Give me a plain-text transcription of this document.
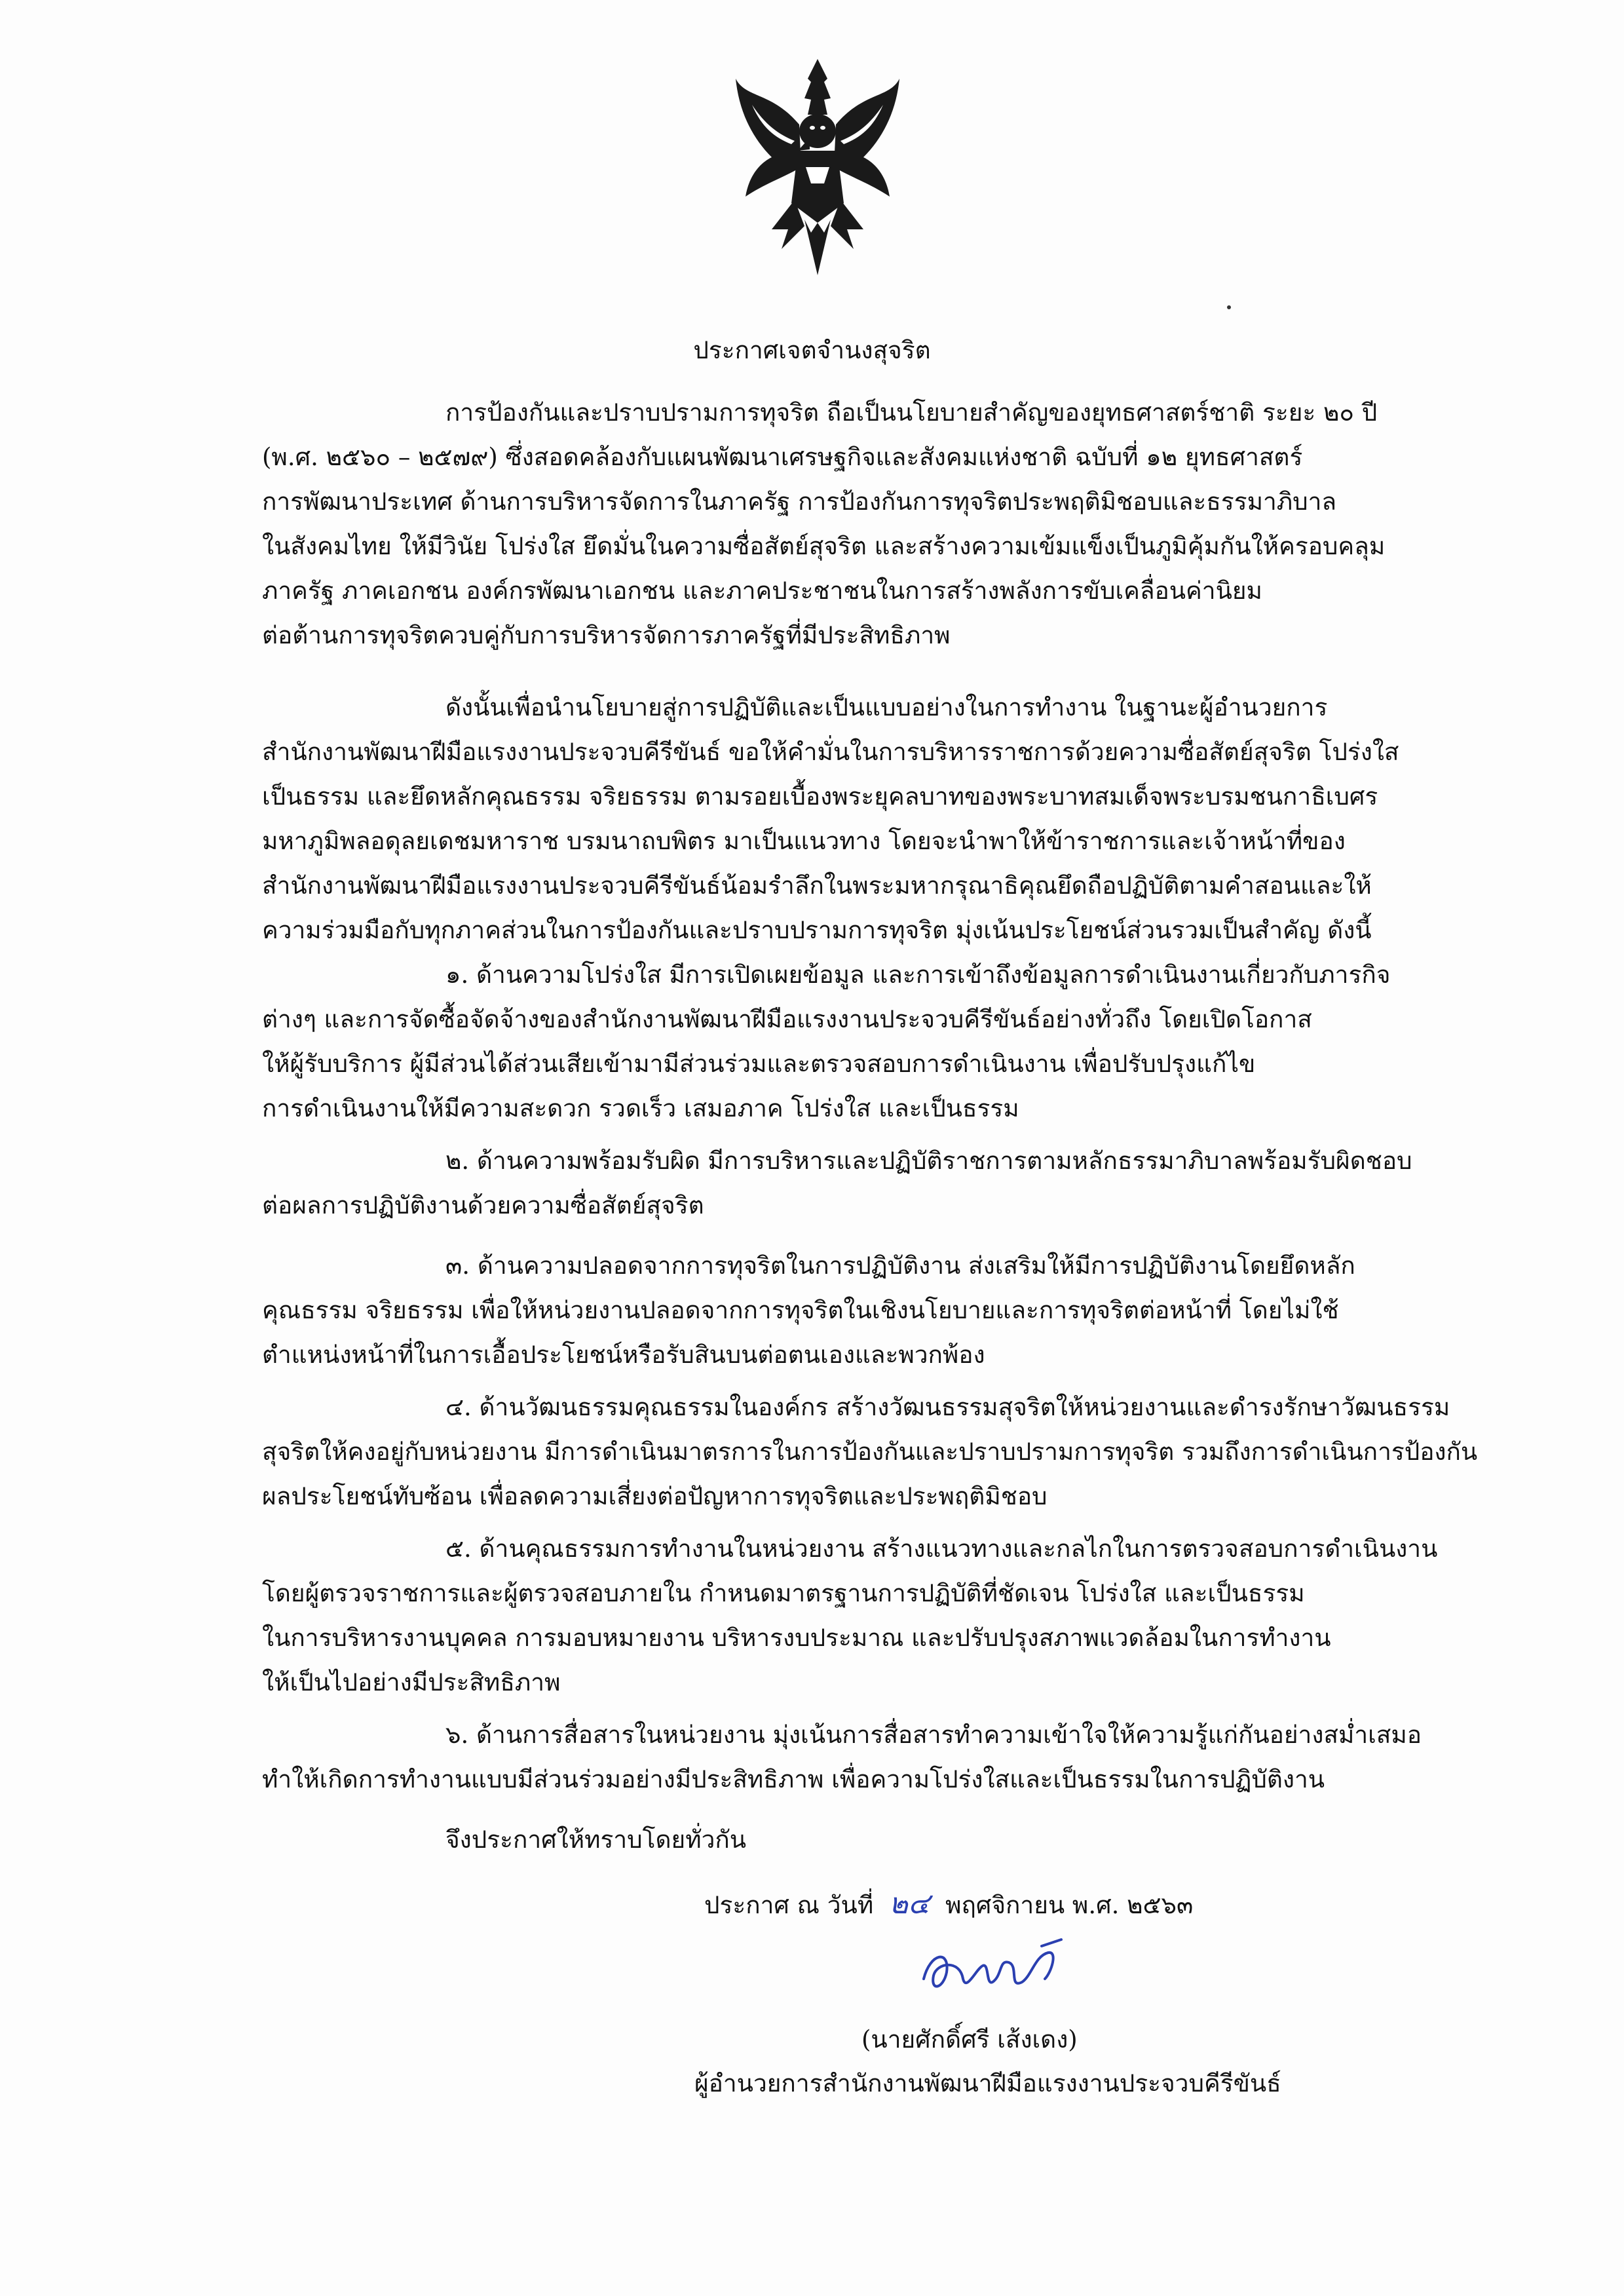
ประกาศเจตจำนงสุจริต
การป้องกันและปราบปรามการทุจริต ถือเป็นนโยบายสำคัญของยุทธศาสตร์ชาติ ระยะ ๒๐ ปี
(พ.ศ. ๒๕๖๐ – ๒๕๗๙) ซึ่งสอดคล้องกับแผนพัฒนาเศรษฐกิจและสังคมแห่งชาติ ฉบับที่ ๑๒ ยุทธศาสตร์
การพัฒนาประเทศ ด้านการบริหารจัดการในภาครัฐ การป้องกันการทุจริตประพฤติมิชอบและธรรมาภิบาล
ในสังคมไทย ให้มีวินัย โปร่งใส ยึดมั่นในความซื่อสัตย์สุจริต และสร้างความเข้มแข็งเป็นภูมิคุ้มกันให้ครอบคลุม
ภาครัฐ ภาคเอกชน องค์กรพัฒนาเอกชน และภาคประชาชนในการสร้างพลังการขับเคลื่อนค่านิยม
ต่อต้านการทุจริตควบคู่กับการบริหารจัดการภาครัฐที่มีประสิทธิภาพ
ดังนั้นเพื่อนำนโยบายสู่การปฏิบัติและเป็นแบบอย่างในการทำงาน ในฐานะผู้อำนวยการ
สำนักงานพัฒนาฝีมือแรงงานประจวบคีรีขันธ์ ขอให้คำมั่นในการบริหารราชการด้วยความซื่อสัตย์สุจริต โปร่งใส
เป็นธรรม และยึดหลักคุณธรรม จริยธรรม ตามรอยเบื้องพระยุคลบาทของพระบาทสมเด็จพระบรมชนกาธิเบศร
มหาภูมิพลอดุลยเดชมหาราช บรมนาถบพิตร มาเป็นแนวทาง โดยจะนำพาให้ข้าราชการและเจ้าหน้าที่ของ
สำนักงานพัฒนาฝีมือแรงงานประจวบคีรีขันธ์น้อมรำลึกในพระมหากรุณาธิคุณยึดถือปฏิบัติตามคำสอนและให้
ความร่วมมือกับทุกภาคส่วนในการป้องกันและปราบปรามการทุจริต มุ่งเน้นประโยชน์ส่วนรวมเป็นสำคัญ ดังนี้
๑. ด้านความโปร่งใส มีการเปิดเผยข้อมูล และการเข้าถึงข้อมูลการดำเนินงานเกี่ยวกับภารกิจ
ต่างๆ และการจัดซื้อจัดจ้างของสำนักงานพัฒนาฝีมือแรงงานประจวบคีรีขันธ์อย่างทั่วถึง โดยเปิดโอกาส
ให้ผู้รับบริการ ผู้มีส่วนได้ส่วนเสียเข้ามามีส่วนร่วมและตรวจสอบการดำเนินงาน เพื่อปรับปรุงแก้ไข
การดำเนินงานให้มีความสะดวก รวดเร็ว เสมอภาค โปร่งใส และเป็นธรรม
๒. ด้านความพร้อมรับผิด มีการบริหารและปฏิบัติราชการตามหลักธรรมาภิบาลพร้อมรับผิดชอบ
ต่อผลการปฏิบัติงานด้วยความซื่อสัตย์สุจริต
๓. ด้านความปลอดจากการทุจริตในการปฏิบัติงาน ส่งเสริมให้มีการปฏิบัติงานโดยยึดหลัก
คุณธรรม จริยธรรม เพื่อให้หน่วยงานปลอดจากการทุจริตในเชิงนโยบายและการทุจริตต่อหน้าที่ โดยไม่ใช้
ตำแหน่งหน้าที่ในการเอื้อประโยชน์หรือรับสินบนต่อตนเองและพวกพ้อง
๔. ด้านวัฒนธรรมคุณธรรมในองค์กร สร้างวัฒนธรรมสุจริตให้หน่วยงานและดำรงรักษาวัฒนธรรม
สุจริตให้คงอยู่กับหน่วยงาน มีการดำเนินมาตรการในการป้องกันและปราบปรามการทุจริต รวมถึงการดำเนินการป้องกัน
ผลประโยชน์ทับซ้อน เพื่อลดความเสี่ยงต่อปัญหาการทุจริตและประพฤติมิชอบ
๕. ด้านคุณธรรมการทำงานในหน่วยงาน สร้างแนวทางและกลไกในการตรวจสอบการดำเนินงาน
โดยผู้ตรวจราชการและผู้ตรวจสอบภายใน กำหนดมาตรฐานการปฏิบัติที่ชัดเจน โปร่งใส และเป็นธรรม
ในการบริหารงานบุคคล การมอบหมายงาน บริหารงบประมาณ และปรับปรุงสภาพแวดล้อมในการทำงาน
ให้เป็นไปอย่างมีประสิทธิภาพ
๖. ด้านการสื่อสารในหน่วยงาน มุ่งเน้นการสื่อสารทำความเข้าใจให้ความรู้แก่กันอย่างสม่ำเสมอ
ทำให้เกิดการทำงานแบบมีส่วนร่วมอย่างมีประสิทธิภาพ เพื่อความโปร่งใสและเป็นธรรมในการปฏิบัติงาน
จึงประกาศให้ทราบโดยทั่วกัน
ประกาศ ณ วันที่ ๒๔ พฤศจิกายน พ.ศ. ๒๕๖๓
(นายศักดิ์ศรี เส้งเดง)
ผู้อำนวยการสำนักงานพัฒนาฝีมือแรงงานประจวบคีรีขันธ์
